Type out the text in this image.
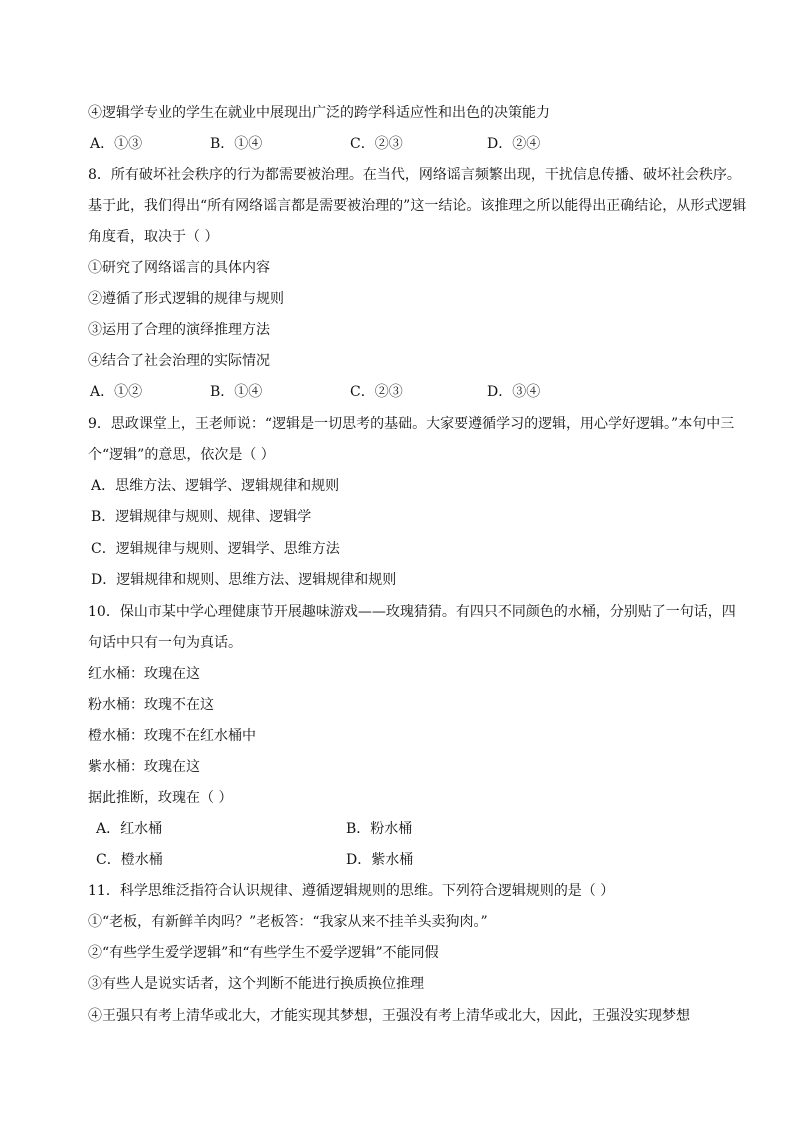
④逻辑学专业的学生在就业中展现出广泛的跨学科适应性和出色的决策能力
A．①③	B．①④	C．②③	D．②④
8．所有破坏社会秩序的行为都需要被治理。在当代，网络谣言频繁出现，干扰信息传播、破坏社会秩序。
基于此，我们得出“所有网络谣言都是需要被治理的”这一结论。该推理之所以能得出正确结论，从形式逻辑
角度看，取决于（ ）
①研究了网络谣言的具体内容
②遵循了形式逻辑的规律与规则
③运用了合理的演绎推理方法
④结合了社会治理的实际情况
A．①②	B．①④	C．②③	D．③④
9．思政课堂上，王老师说：“逻辑是一切思考的基础。大家要遵循学习的逻辑，用心学好逻辑。”本句中三
个“逻辑”的意思，依次是（ ）
A．思维方法、逻辑学、逻辑规律和规则
B．逻辑规律与规则、规律、逻辑学
C．逻辑规律与规则、逻辑学、思维方法
D．逻辑规律和规则、思维方法、逻辑规律和规则
10．保山市某中学心理健康节开展趣味游戏——玫瑰猜猜。有四只不同颜色的水桶，分别贴了一句话，四
句话中只有一句为真话。
红水桶：玫瑰在这
粉水桶：玫瑰不在这
橙水桶：玫瑰不在红水桶中
紫水桶：玫瑰在这
据此推断，玫瑰在（ ）
A．红水桶	B．粉水桶
C．橙水桶	D．紫水桶
11．科学思维泛指符合认识规律、遵循逻辑规则的思维。下列符合逻辑规则的是（ ）
①“老板，有新鲜羊肉吗？”老板答：“我家从来不挂羊头卖狗肉。”
②“有些学生爱学逻辑”和“有些学生不爱学逻辑”不能同假
③有些人是说实话者，这个判断不能进行换质换位推理
④王强只有考上清华或北大，才能实现其梦想，王强没有考上清华或北大，因此，王强没实现梦想
